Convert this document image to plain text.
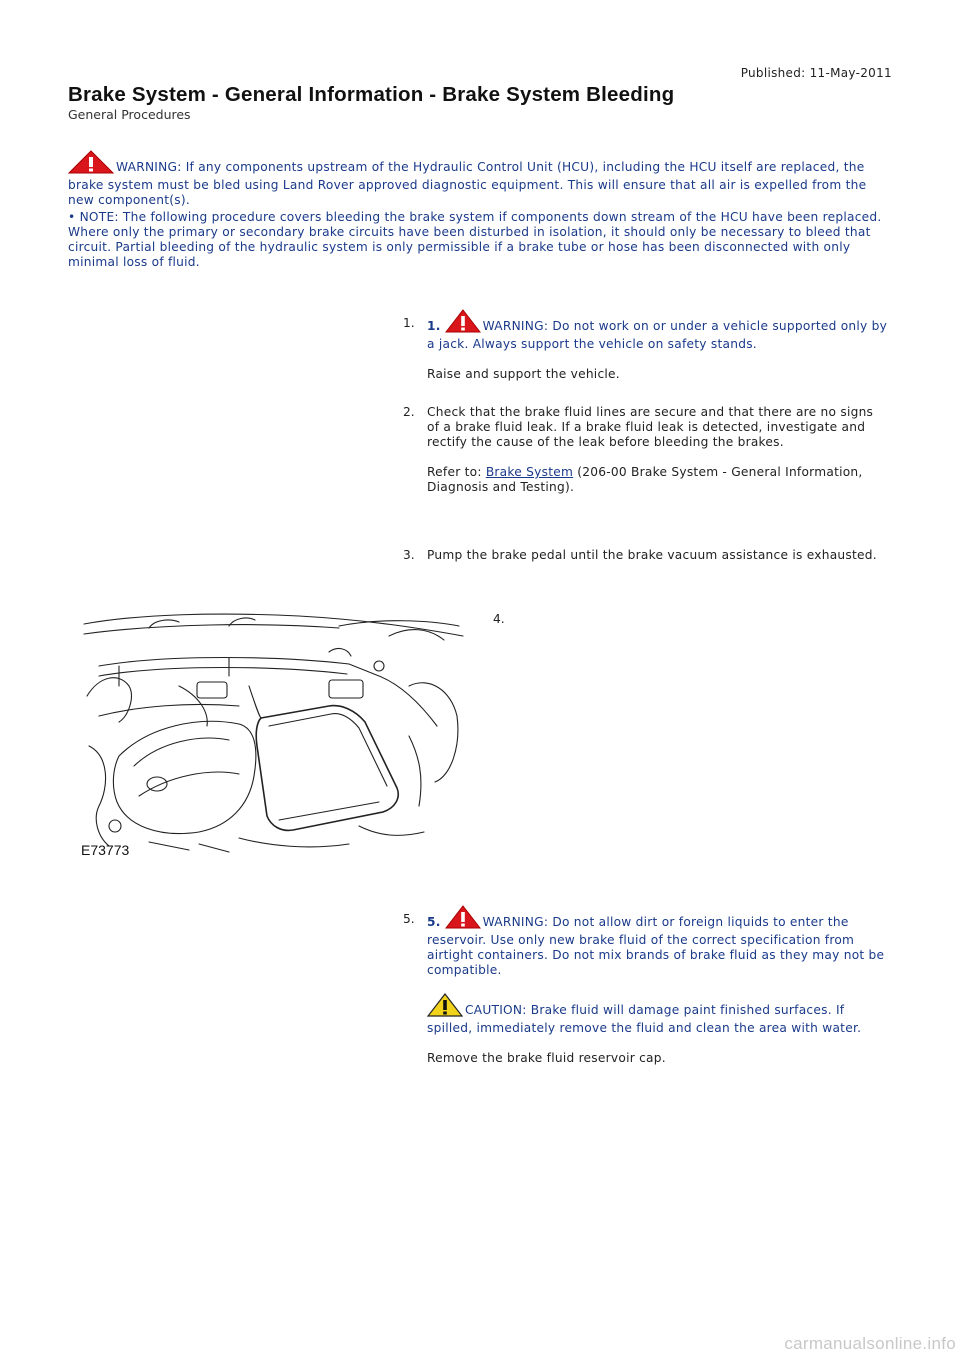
Published: 11-May-2011
Brake System - General Information - Brake System Bleeding
General Procedures
WARNING: If any components upstream of the Hydraulic Control Unit (HCU), including the HCU itself are replaced, the brake system must be bled using Land Rover approved diagnostic equipment. This will ensure that all air is expelled from the new component(s).
• NOTE: The following procedure covers bleeding the brake system if components down stream of the HCU have been replaced. Where only the primary or secondary brake circuits have been disturbed in isolation, it should only be necessary to bleed that circuit. Partial bleeding of the hydraulic system is only permissible if a brake tube or hose has been disconnected with only minimal loss of fluid.
1. 1.	WARNING: Do not work on or under a vehicle supported only by a jack. Always support the vehicle on safety stands.

Raise and support the vehicle.

2. Check that the brake fluid lines are secure and that there are no signs of a brake fluid leak. If a brake fluid leak is detected, investigate and rectify the cause of the leak before bleeding the brakes.

Refer to: Brake System (206-00 Brake System - General Information, Diagnosis and Testing).

3. Pump the brake pedal until the brake vacuum assistance is exhausted.

4.
E73773
5. 5.	WARNING: Do not allow dirt or foreign liquids to enter the reservoir. Use only new brake fluid of the correct specification from airtight containers. Do not mix brands of brake fluid as they may not be compatible.

CAUTION: Brake fluid will damage paint finished surfaces. If spilled, immediately remove the fluid and clean the area with water.

Remove the brake fluid reservoir cap.

carmanualsonline.info
